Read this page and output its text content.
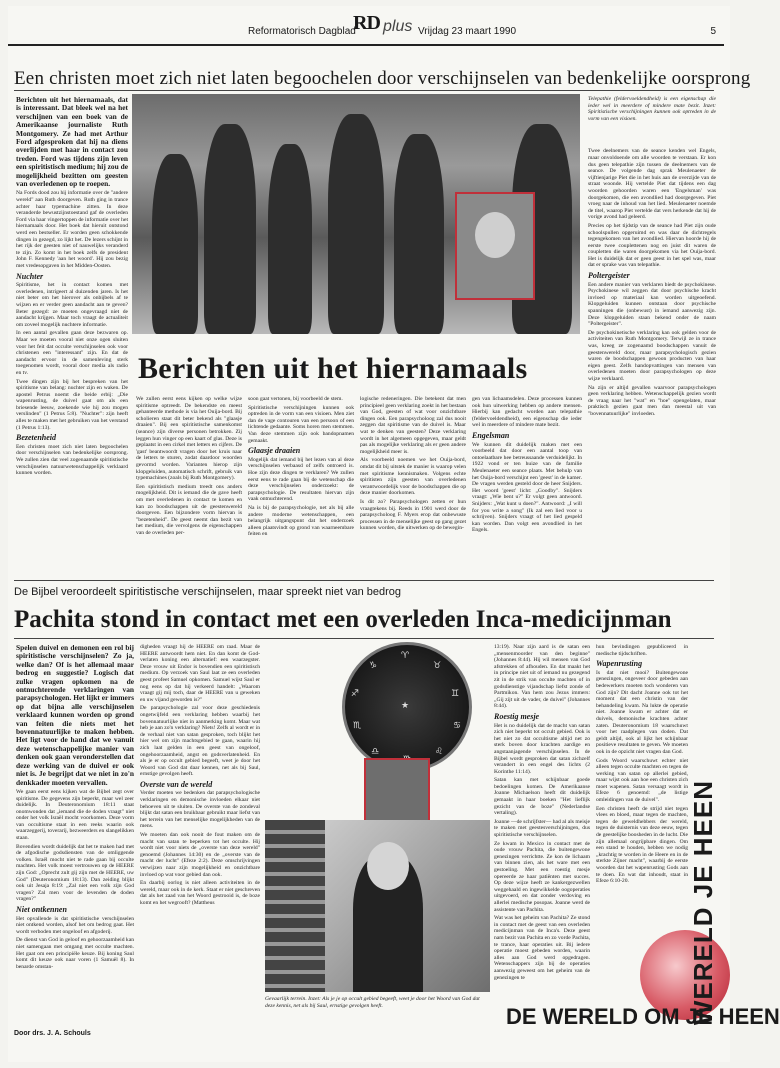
Reformatorisch Dagblad
RD plus Vrijdag 23 maart 1990	5
Een christen moet zich niet laten begoochelen door verschijnselen van bedenkelijke oorsprong

Berichten uit het hiernamaals, dat is interessant. Dat bleek wel na het verschijnen van een boek van de Amerikaanse journaliste Ruth Montgomery. Ze had met Arthur Ford afgesproken dat hij na diens overlijden met haar in contact zou treden. Ford was tijdens zijn leven een spiritistisch medium; hij zou de mogelijkheid bezitten om geesten van overledenen op te roepen.

Na Fords dood zou hij informatie over de "andere wereld" aan Ruth doorgeven. Ruth ging in trance achter haar typemachine zitten. In deze veranderde bewustzijnstoestand gaf de overleden Ford via haar vingertoppen de informatie over het hiernamaals door. Het boek dat hieruit ontstond werd een bestseller. Er worden geen schokkende dingen in gezegd, zo lijkt het. De lezers schijnt in het rijk der geesten niet of nauwelijks veranderd te zijn. Zo komt in het boek zelfs de president John F. Kennedy 'aan het woord'. Hij zou bezig met vredesopgaven in het Midden-Oosten.

Nuchter

Spiritisme, het in contact komen met overledenen, intrigeert al duizenden jaren. Is het niet beter om het hierover als onbijbels af te wijzen en er verder geen aandacht aan te geven? Beter gezegd: ze moeten ongevraagd niet de aandacht krijgen. Maar toch vraagt de actualiteit om zoveel mogelijk nuchtere informatie.

In een aantal gevallen gaan deze bezwaren op. Maar we moeten vooral niet onze ogen sluiten voor het feit dat occulte verschijnselen ook voor christenen een "interessant" zijn. En dat de aandacht ervoor in de samenleving sterk toegenomen wordt, vooral door media als radio en tv.

Twee dingen zijn bij het bespreken van het spiritisme van belang: nuchter zijn en waken. De apostel Petrus noemt die beide erbij: „Die wapenrusting, de duivel gaat om als een briesende leeuw, zoekende wie hij zou mogen verslinden" (1 Petrus 5:8). "Nuchter": zijn heeft alles te maken met het gebruiken van het verstand (1 Petrus 1:13).

Bezetenheid

Een christen moet zich niet laten begoochelen door verschijnselen van bedenkelijke oorsprong. We zullen zien dat veel zogenaamde spiritistische verschijnselen natuurwetenschappelijk verklaard kunnen worden.

Telepathie (feldervoeldendheid) is een eigenschap die ieder wel in meerdere of mindere mate bezit. Inzet: Spiritistische verschijningen kunnen ook optreden in de vorm van een visioen.

Twee deelnemers van de seance kenden wel Engels, maar onvoldoende om alle woorden te verstaan. Er kon dus geen telepathie zijn tussen de deelnemers van de seance. De volgende dag sprak Meulenaeter de vijftienjarige Piet die in het huis aan de overzijde van de straat woonde. Hij vertelde Piet dat tijdens een dag woorden gehoorden waren een 'Engelsman' was doorgekomen, die een avondlied had doorgegeven. Piet vroeg naar de inhoud van het lied. Meulenaeter noemde de titel, waarop Piet vertelde dat vers herkende dat hij de vorige avond had geleerd.

Precies op het tijdstip van de seance had Piet zijn oude schoolspullen opgeruimd en was daar de dichtregels tegengekomen van het avondlied. Hiervan hoorde hij de eerste twee couplettenen nog en juist dit waren de coupletten die waren doorgekomen via het Ouija-bord. Het is duidelijk dat er geen geest in het spel was, maar dat er sprake was van telepathie.

Poltergeister

Een andere manier van verklaren biedt de psychokinese. Psychokinese wil zeggen dat door psychische kracht invloed op materiaal kan worden uitgeoefend. Klopgeluiden kunnen ontstaan door psychische spanningen die (onbewust) in iemand aanwezig zijn. Deze klopgeluiden staan bekend onder de naam "Poltergeister".

De psychokinetische verklaring kan ook gelden voor de activiteiten van Ruth Montgomery. Terwijl ze in trance was, kreeg ze zogenaamd boodschappen vanuit de geestenwereld door, maar parapsychologisch gezien waren de boodschappen gewoon producten van haar eigen geest. Zelfs handopvattingen van mensen van overledenen moeten door parapsychologen op deze wijze verklaard.

Na zijn er altijd gevallen waarvoor parapsychologen geen verklaring hebben. Wetenschappelijk gezien wordt de vraag naar het "wat" en "hoe" opengelaten, maar praktisch gezien gaat men dan meestal uit van "bovennatuurlijke" invloeden.

Berichten uit het hiernamaals

We zullen eerst eens kijken op welke wijze spiritisme optreedt. De bekendste en meest gehanteerde methode is via het Ouija-bord. Bij scholieren staat dit beter bekend als "glaasje draaien". Bij een spiritistische samenkomst (seance) zijn diverse personen betrokken. Zij leggen hun vinger op een kaart of glas. Deze is geplaatst in een cirkel met letters en cijfers. De 'gast' beantwoordt vragen door het kruis naar de letters te sturen, zodat daardoor woorden gevormd worden. Varianten hierop zijn klopgeluiden, automatisch schrift, gebruik van typemachines (zoals bij Ruth Montgomery).

Een spiritistisch medium treedt ons anders mogelijkheid. Dit is iemand die de gave heeft om met overledenen in contact te komen en kan zo boodschappen uit de geestenwereld doorgeven. Een bijzondere vorm hiervan is "bezetenheid". De geest neemt dan bezit van het medium, die vervolgens de eigenschappen van de overleden per-

soon gaat vertonen, bij voorbeeld de stem.

Spiritistische verschijningen kunnen ook optreden in de vorm van een visioen. Men ziet dan de vage contouren van een persoon of een lichtende gedaante. Soms horen men stemmen. Van deze stemmen zijn ook bandopnamen gemaakt.

Glaasje draaien

Mogelijk dat iemand bij het lezen van al deze verschijnselen verbaasd of zelfs ontroerd is. Hoe zijn deze dingen te verklaren? We zullen eerst eens te rade gaan bij de wetenschap die deze verschijnselen onderzoekt: de parapsychologie. De resultaten hiervan zijn vaak ontnuchterend.

Na is bij de parapsychologie, net als bij alle andere moderne wetenschappen, een belangrijk uitgangspunt dat het onderzoek alleen plaatsvindt op grond van waarneembare feiten en

logische redeneringen. Die betekent dat men principieel geen verklaring zoekt in het bestaan van God, geesten of wat voor onzichtbare dingen ook. Een parapsycholoog zal dus nooit zeggen dat spiritisme van de duivel is. Maar wat te denken van geesten? Deze verklaring wordt in het algemeen opgegeven, maar geldt pas als mogelijke verklaring als er geen andere mogelijkheid meer is.

Als voorbeeld noemen we het Ouija-bord, omdat dit bij uitstek de manier is waarop velen met spiritisme kennismaken. Volgens echte spiritisten zijn geesten van overledenen verantwoordelijk voor de boodschappen die op deze manier doorkomen.

Is dit zo? Parapsychologen zetten er hun vraagtekens bij. Reeds in 1901 werd door de parapsycholoog F. Myers erop dat onbewuste processen in de menselijke geest op gang gezet kunnen worden, die uitwerken op de bewegin-

gen van lichaamsdelen. Deze processen kunnen ook hun uitwerking hebben op andere mensen. Hierbij kan gedacht worden aan telepathie (feldervoeldendheid), een eigenschap die ieder wel in meerdere of mindere mate bezit.

Engelsman

We kunnen dit duidelijk maken met een voorbeeld dat door een aantal toop van ontoelaatbare hee betreussaande verduidelijkt. In 1922 vond er ten huize van de familie Meulenaeter een seance plaats. Met behulp van het Ouija-bord verschijnt een 'geest' in de kamer. De vragen werden gesteld door de heer Snijders. Het woord 'geest' licht: „Goodby". Snijders vraagt: „Wie bent u?" Er volgt geen antwoord. Snijders: „Wat kunt u doen?". Antwoord: „I will for you write a song" (Ik zal een lied voor u schrijven). Snijders vraagt of het lied gespeld kan worden. Dan volgt een avondlied in het Engels.

De Bijbel veroordeelt spiritistische verschijnselen, maar spreekt niet van bedrog
Pachita stond in contact met een overleden Inca-medicijnman

Spelen duivel en demonen een rol bij spiritistische verschijnselen? Zo ja, welke dan? Of is het allemaal maar bedrog en suggestie? Logisch dat zulke vragen opkomen na de ontnuchterende verklaringen van parapsychologen. Het lijkt er immers op dat bijna alle verschijnselen verklaard kunnen worden op grond van feiten die niets met het bovennatuurlijke te maken hebben. Het ligt voor de hand dat we vanuit deze wetenschappelijke manier van denken ook gaan veronderstellen dat deze werking van de duivel er ook niet is. Je begrijpt dat we niet in zo'n denkkader moeten vervallen.

We gaan eerst eens kijken wat de Bijbel zegt over spiritisme. De gegevens zijn beperkt, maar wel zeer duidelijk. In Deuteronomium 18:11 staat onomwonden dat „iemand die de doden vraagt" niet onder het volk Israël mocht voorkomen. Deze vorm van occultisme staat in een reeks waarin ook waarzeggerij, toverarij, bezweerders en slangelikken staan.

Bovendien wordt duidelijk dat het te maken had met de afgodische godsdiensten van de omliggende volken. Israël mocht niet te rade gaan bij occulte machten. Het volk moest vertrouwen op de HEERE zijn God: „Oprecht zult gij zijn met de HEERE, uw God" (Deuteronomium 18:13). Dan zeiding blijkt ook uit Jesaja 8:19: „Zal niet een volk zijn God vragen? Zal men voor de levenden de doden vragen?"

Niet ontkennen

Het opvallende is dat spiritistische verschijnselen niet ontkend worden, alsof het om bedrog gaat. Het wordt verboden met ongeloof en afgoderij.

De dienst van God in geloof en gehoorzaamheid kan niet samengaan met omgang met occulte machten. Het gaat om een principiële keuze. Bij koning Saul komt dit keuze ook naar voren (1 Samuël 8). In benarde omstan-

digheden vraagt hij de HEERE om raad. Maar de HEERE antwoordt hem niet. En dan komt de God-verlaten koning een alternatief: een waarzegster. Deze vrouw uit Endor is bovendien een spiritistisch medium. Op verzoek van Saul laat ze een overleden geest profeet Samuel opkomen. Samuel wijst Saul er nog eens op dat hij verkeerd handelt: „Waarom vraagt gij mij toch, daar de HEERE van u geweken en uw vijand geworden is?"

De parapsychologie zal voor deze geschiedenis ongetwijfeld een verklaring hebben waarbij het bovennatuurlijke niet in aanmerking komt. Maar wat heb je aan zo'n verklaring? Niets! Zelfs al wordt er in de verhaal niet van satan gesproken, toch blijkt het hier wel om zijn machtsgebied te gaan, waarin hij zich laat gelden in een geest van ongeloof, ongehoorzaamheid, angst en godsverlatenheid. En als je er op occult gebied begeeft, weet je door het Woord van God dat daar kennen, net als bij Saul, ernstige gevolgen heeft.

Overste van de wereld

Verder moeten we bedenken dat parapsychologische verklaringen en demonische invloeden elkaar niet behoeven uit te sluiten. De overste van de zondeval blijkt dat satan een bruikbaar gebruikt maar liefst van het terrein van het menselijke mogelijkheden van de mens.

We moeten dan ook nooit de fout maken om de macht van satan te beperken tot het occulte. Hij wordt niet voor niets de „overste van deze wereld" genoemd (Johannes 14:30) en de „overste van de macht der lucht" (Efeze 2:2). Deze omschrijvingen verwijzen naar zijn mogelijkheid en onzichtbare invloed op wat voor gebied dan ook.

En daarbij oorlog is niet alleen activiteiten in de wereld, maar ook in de kerk. Staat er niet geschreven dat als het zaad van het Woord gestrooid is, de boze komt en het wegrooft? (Mattheus

♈
♉
♊
♋
♌
♎
♏
♐
♑
★
Gevaarlijk terrein. Inzet: Als je je op occult gebied begeeft, weet je door het Woord van God dat deze kennis, net als bij Saul, ernstige gevolgen heeft.

13:19). Naar zijn aard is de satan een „mensenmoorder van den beginne" (Johannes 8:44). Hij wil mensen van God afstrekken of afhouden. En dat maakt het in principe niet uit of iemand nu gezegend zit in de strik van occulte machten of in godsdienstige vijandschap liefst zonde of Partmikon. Van hem zou Jezus immers: „Gij zijt uit de vader, de duivel" (Johannes 8:44).

Roestig mesje

Het is no duidelijk dat de macht van satan zich niet beperkt tot occult gebied. Ook is het niet zo dat occultisme altijd net zo sterk boven door krachten aardige en angstaanjagende verschijnselen. In de Bijbel wordt gesproken dat satan zichzelf verandert in een engel des lichts (2 Korinthe 11:14).

Satan kan met schijnbaar goede bedoelingen komen. De Amerikaanse Joanne Michaelson heeft dit duidelijk gemaakt in haar boeken "Het lieflijk gezicht van de boze" (Nederlandse vertaling).

Joanne —de schrijfster— had al als meisje te maken met geestesverschijningen, dus spiritistische verschijnselen.

Ze kwam in Mexico in contact met de oude vrouw Pachita, die buitengewone genezingen verrichtte. Ze kon de lichaam van binnen zien, als het ware met een gestoeling. Met een roestig mesje opereerde ze haar patiënten met succes. Op deze wijze heeft ze kankergezwellen weggehaald en ingewikkelde oogoperaties uitgevoerd, en dat zonder verdoving en allerlei medische posopas. Joanne werd de assistente van Pachita.

Wat was het geheim van Pachita? Ze stond in contact met de geest van een overleden medicijnman van de Inca's. Deze geest nam bezit van Pachita en zo vorde Pachita, te trance, haar operaties uit. Bij iedere operatie moest gebeden worden, waarin alles aan God werd opgedragen. Wetenschappers zijn bij de operaties aanwezig geweest om het geheim van de genezingen te

hun bevindingen gepubliceerd in medische tijdschriften.

Wapenrusting

Is dat niet mooi? Buitengewone genezingen, ongeveer door gebeden aan bedewerkers moeten toch wonderen van God zijn? Dit dacht Joanne ook tot het moment dat een christin van der behandeling kwam. Na lukte de operatie niet. Joanne kwam er achter dat er duivels, demonische krachten achter zaten. Deuteronomium 18 waarschuwt voor het raadplegen van doden. Dat geldt altijd, ook al lijkt het schijnbaar positieve resultaten te geven. We moeten ook in de opzicht niet vragen dan God.

Gods Woord waarschuwt echter niet alleen tegen occulte machten en tegen de werking van satan op allerlei gebied, maar wijst ook aan hoe een christen zich moet wapenen. Satan versaagt wordt in Efeze 6 genoemd: „de listige omleidingen van de duivel".

Een christen heeft de strijd niet tegen vlees en bloed, maar tegen de machten, tegen de geweldhebbers der wereld, tegen de duisternis van deze eeuw, tegen de geestelijke boosheden in de lucht. Die zijn allemaal ongrijpbare dingen. Om een stand te houden, hebben we nodig „krachtig te worden in de Heere en in de sterkte Zijner macht", waarbij de eerste woorden dat het wapenrusting Gods aan te doen. En wat dat inhoudt, staat in Efeze 6:10-20.

WERELD JE HEEN
DE WERELD OM JE HEEN
Door drs. J. A. Schouls
